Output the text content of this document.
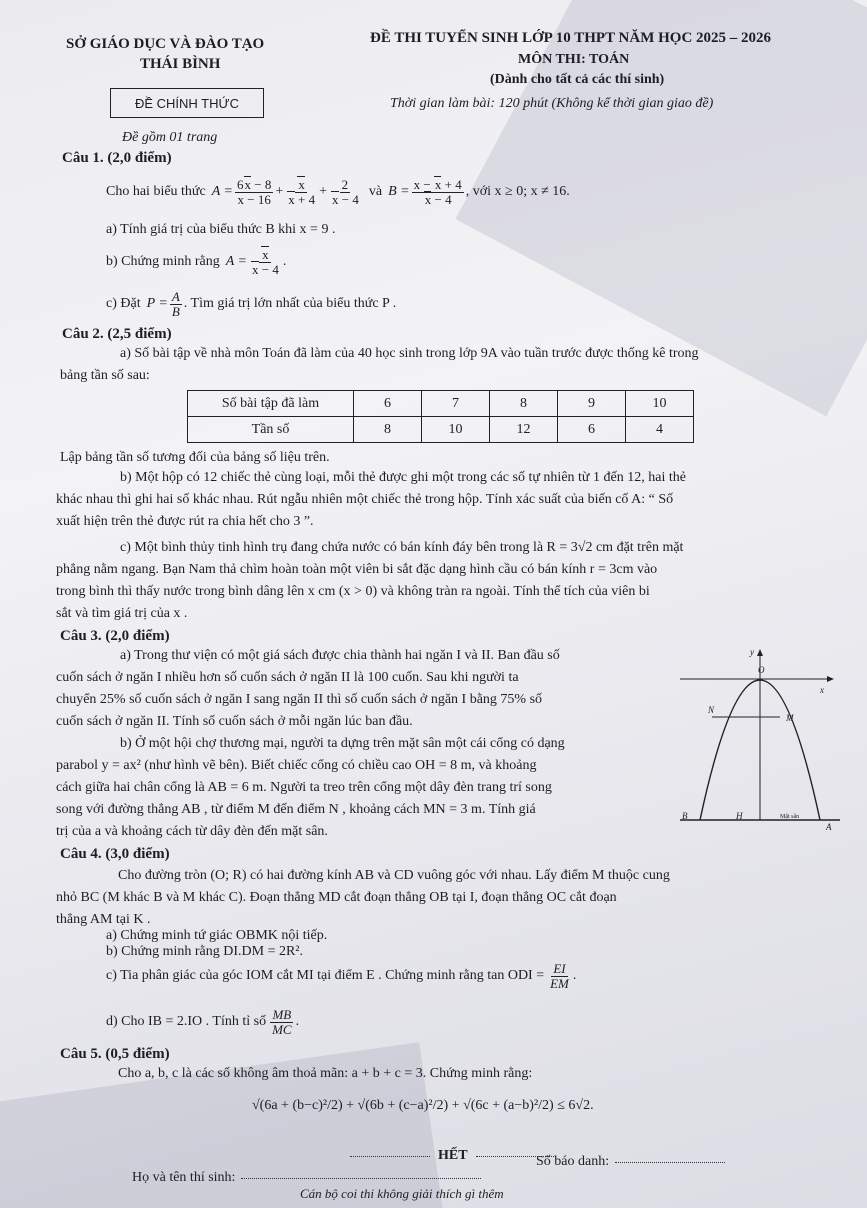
SỞ GIÁO DỤC VÀ ĐÀO TẠO
THÁI BÌNH
ĐỀ CHÍNH THỨC
Đề gồm 01 trang
ĐỀ THI TUYỂN SINH LỚP 10 THPT NĂM HỌC 2025 – 2026
MÔN THI: TOÁN
(Dành cho tất cả các thí sinh)
Thời gian làm bài: 120 phút (Không kể thời gian giao đề)
Câu 1. (2,0 điểm)
Cho hai biểu thức $A = \frac{6x - 8}{x - 16} + \frac{x}{x + 4} + \frac{2}{x - 4}$ và $B = \frac{x - x + 4}{x - 4}$ , với x ≥ 0; x ≠ 16.
a) Tính giá trị của biểu thức B khi x = 9 .
b) Chứng minh rằng $A = \frac{x}{x - 4}$ .
c) Đặt $P = \frac{A}{B}$ . Tìm giá trị lớn nhất của biểu thức P .
Câu 2. (2,5 điểm)
a) Số bài tập về nhà môn Toán đã làm của 40 học sinh trong lớp 9A vào tuần trước được thống kê trong
bảng tần số sau:
Số bài tập đã làm	6	7	8	9	10
Tần số	8	10	12	6	4
Lập bảng tần số tương đối của bảng số liệu trên.
b) Một hộp có 12 chiếc thẻ cùng loại, mỗi thẻ được ghi một trong các số tự nhiên từ 1 đến 12, hai thẻ
khác nhau thì ghi hai số khác nhau. Rút ngẫu nhiên một chiếc thẻ trong hộp. Tính xác suất của biến cố A: “ Số
xuất hiện trên thẻ được rút ra chia hết cho 3 ”.
c) Một bình thủy tinh hình trụ đang chứa nước có bán kính đáy bên trong là R = 3√2 cm đặt trên mặt
phẳng nằm ngang. Bạn Nam thả chìm hoàn toàn một viên bi sắt đặc dạng hình cầu có bán kính r = 3cm vào
trong bình thì thấy nước trong bình dâng lên x cm (x > 0) và không tràn ra ngoài. Tính thể tích của viên bi
sắt và tìm giá trị của x .
Câu 3. (2,0 điểm)
a) Trong thư viện có một giá sách được chia thành hai ngăn I và II. Ban đầu số
cuốn sách ở ngăn I nhiều hơn số cuốn sách ở ngăn II là 100 cuốn. Sau khi người ta
chuyển 25% số cuốn sách ở ngăn I sang ngăn II thì số cuốn sách ở ngăn I bằng 75% số
cuốn sách ở ngăn II. Tính số cuốn sách ở mỗi ngăn lúc ban đầu.
b) Ở một hội chợ thương mại, người ta dựng trên mặt sân một cái cổng có dạng
parabol y = ax² (như hình vẽ bên). Biết chiếc cổng có chiều cao OH = 8 m, và khoảng
cách giữa hai chân cổng là AB = 6 m. Người ta treo trên cổng một dây đèn trang trí song
song với đường thẳng AB , từ điểm M đến điểm N , khoảng cách MN = 3 m. Tính giá
trị của a và khoảng cách từ dây đèn đến mặt sân.
y
O
x
N
M
B	H	Mặt sân
A
Câu 4. (3,0 điểm)
Cho đường tròn (O; R) có hai đường kính AB và CD vuông góc với nhau. Lấy điểm M thuộc cung
nhỏ BC (M khác B và M khác C). Đoạn thẳng MD cắt đoạn thẳng OB tại I, đoạn thẳng OC cắt đoạn
thẳng AM tại K .
a) Chứng minh tứ giác OBMK nội tiếp.
b) Chứng minh rằng DI.DM = 2R².
c) Tia phân giác của góc IOM cắt MI tại điểm E . Chứng minh rằng tan ODI = $\frac{EI}{EM}$ .
d) Cho IB = 2.IO . Tính tỉ số $\frac{MB}{MC}$ .
Câu 5. (0,5 điểm)
Cho a, b, c là các số không âm thoả mãn: a + b + c = 3. Chứng minh rằng:
√(6a + (b−c)²/2) + √(6b + (c−a)²/2) + √(6c + (a−b)²/2) ≤ 6√2.
HẾT
Họ và tên thí sinh:
Số báo danh:
Cán bộ coi thi không giải thích gì thêm
